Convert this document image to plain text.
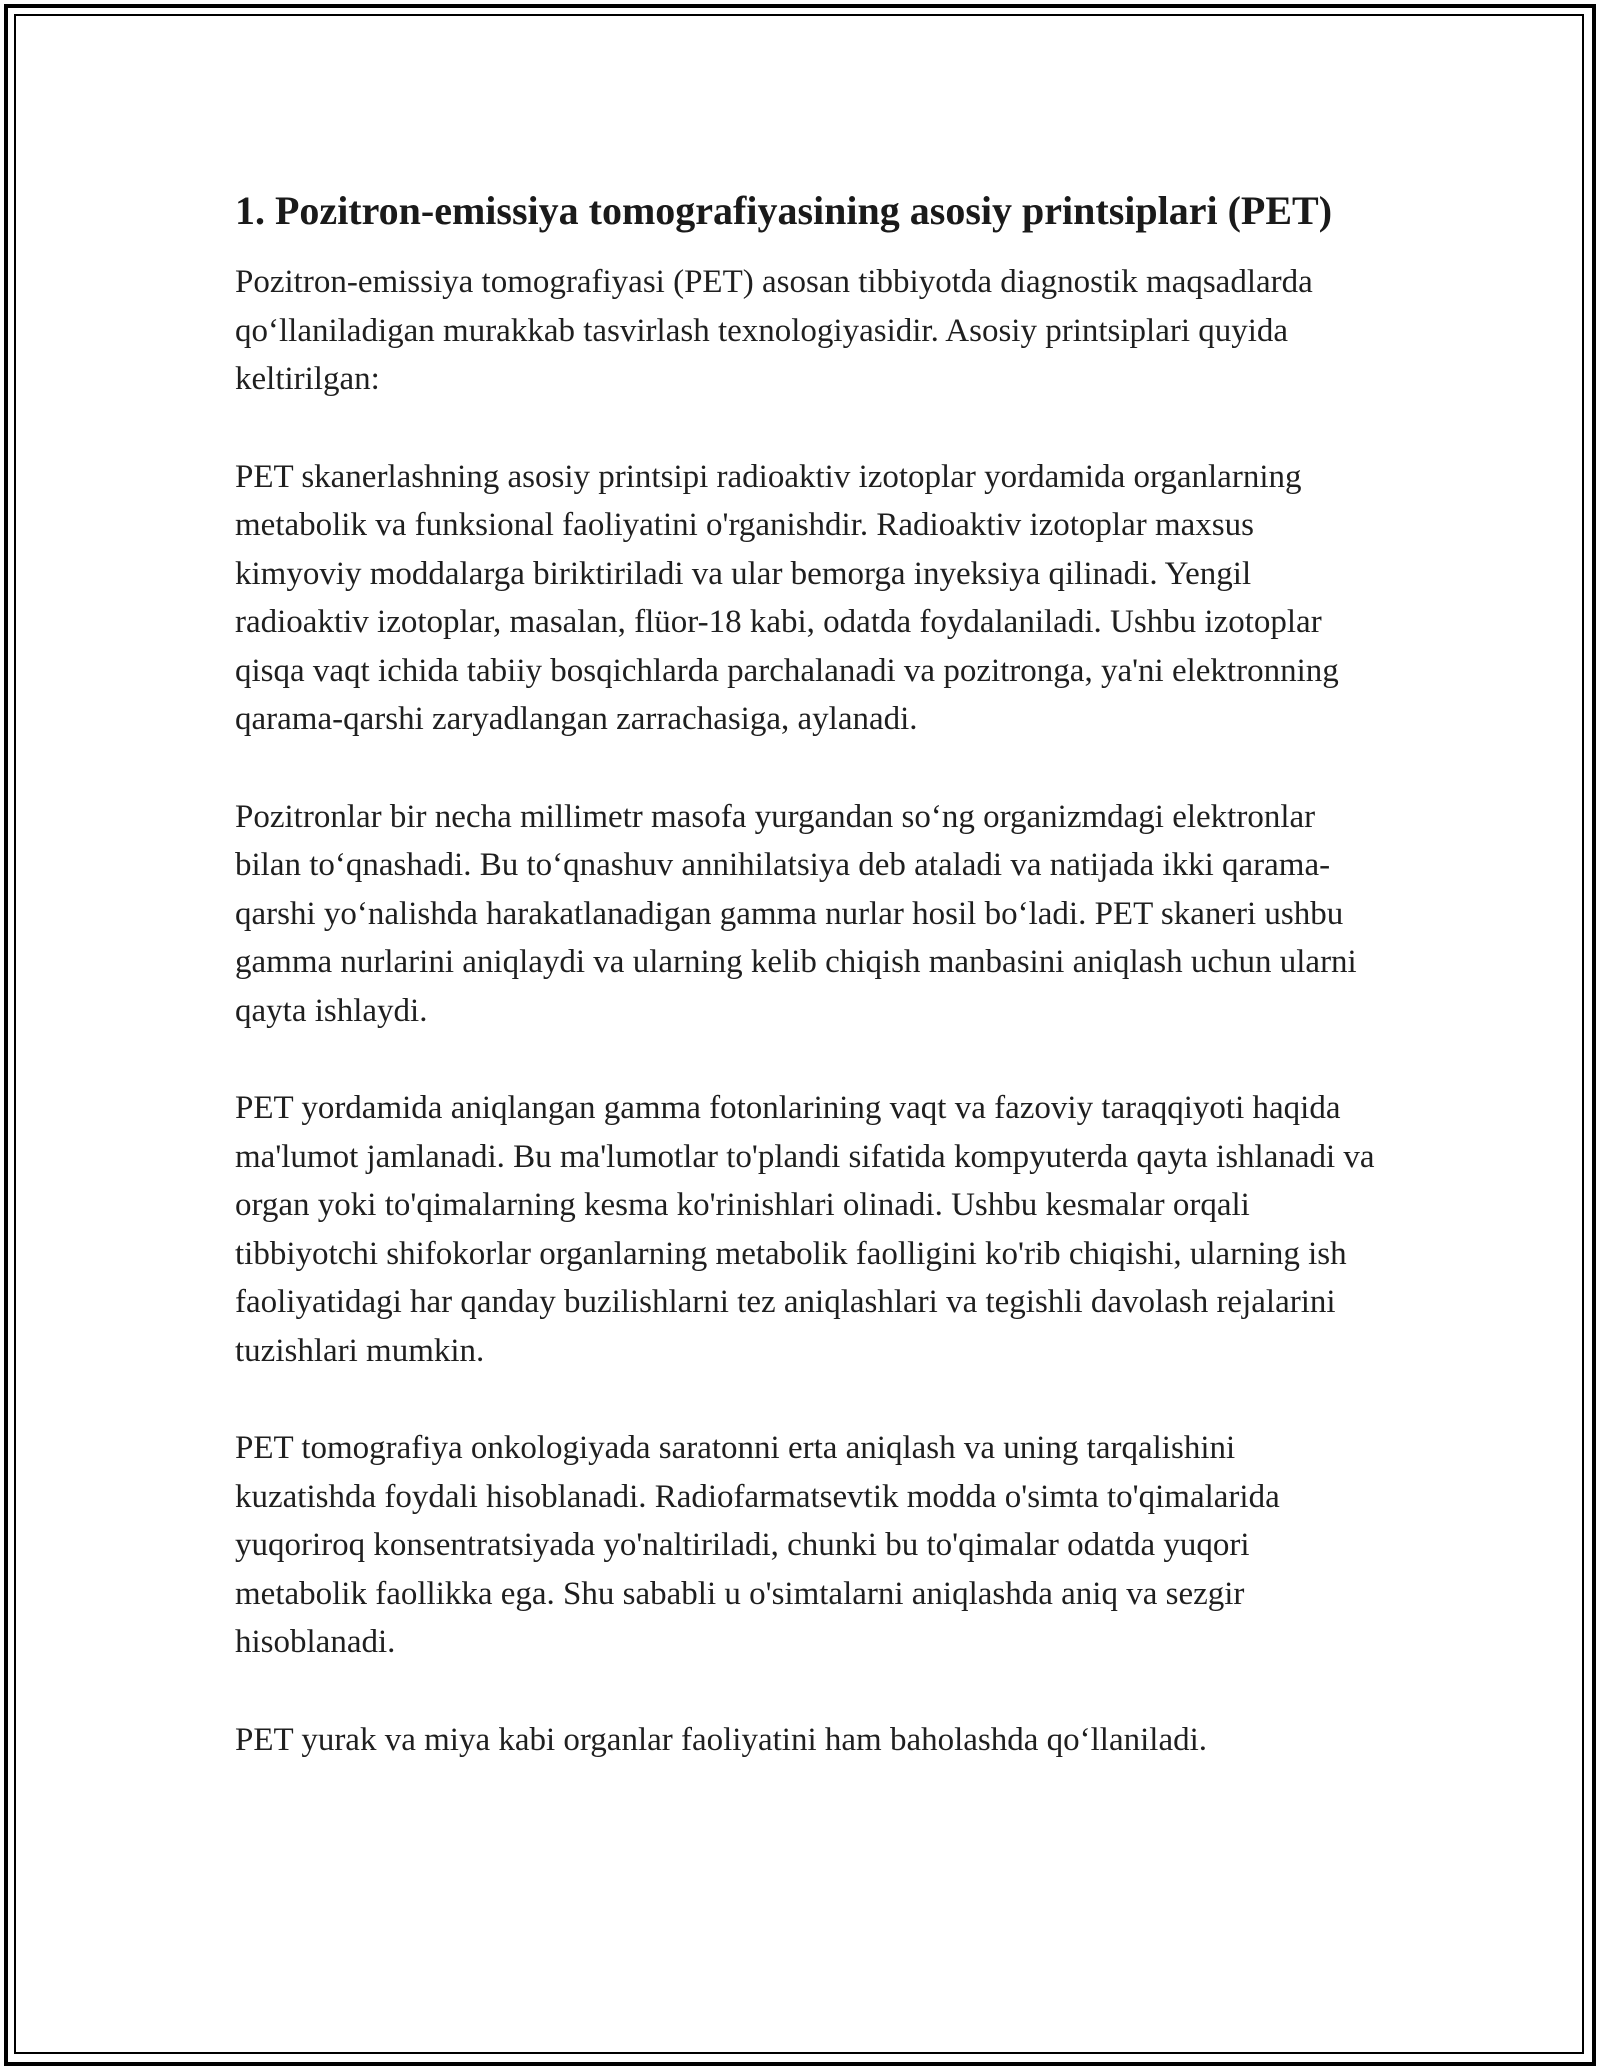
1. Pozitron-emissiya tomografiyasining asosiy printsiplari (PET)

Pozitron-emissiya tomografiyasi (PET) asosan tibbiyotda diagnostik maqsadlarda qo‘llaniladigan murakkab tasvirlash texnologiyasidir. Asosiy printsiplari quyida keltirilgan:

PET skanerlashning asosiy printsipi radioaktiv izotoplar yordamida organlarning metabolik va funksional faoliyatini o'rganishdir. Radioaktiv izotoplar maxsus kimyoviy moddalarga biriktiriladi va ular bemorga inyeksiya qilinadi. Yengil radioaktiv izotoplar, masalan, flüor-18 kabi, odatda foydalaniladi. Ushbu izotoplar qisqa vaqt ichida tabiiy bosqichlarda parchalanadi va pozitronga, ya'ni elektronning qarama-qarshi zaryadlangan zarrachasiga, aylanadi.

Pozitronlar bir necha millimetr masofa yurgandan so‘ng organizmdagi elektronlar bilan to‘qnashadi. Bu to‘qnashuv annihilatsiya deb ataladi va natijada ikki qarama-qarshi yo‘nalishda harakatlanadigan gamma nurlar hosil bo‘ladi. PET skaneri ushbu gamma nurlarini aniqlaydi va ularning kelib chiqish manbasini aniqlash uchun ularni qayta ishlaydi.

PET yordamida aniqlangan gamma fotonlarining vaqt va fazoviy taraqqiyoti haqida ma'lumot jamlanadi. Bu ma'lumotlar to'plandi sifatida kompyuterda qayta ishlanadi va organ yoki to'qimalarning kesma ko'rinishlari olinadi. Ushbu kesmalar orqali tibbiyotchi shifokorlar organlarning metabolik faolligini ko'rib chiqishi, ularning ish faoliyatidagi har qanday buzilishlarni tez aniqlashlari va tegishli davolash rejalarini tuzishlari mumkin.

PET tomografiya onkologiyada saratonni erta aniqlash va uning tarqalishini kuzatishda foydali hisoblanadi. Radiofarmatsevtik modda o'simta to'qimalarida yuqoriroq konsentratsiyada yo'naltiriladi, chunki bu to'qimalar odatda yuqori metabolik faollikka ega. Shu sababli u o'simtalarni aniqlashda aniq va sezgir hisoblanadi.

PET yurak va miya kabi organlar faoliyatini ham baholashda qo‘llaniladi.
